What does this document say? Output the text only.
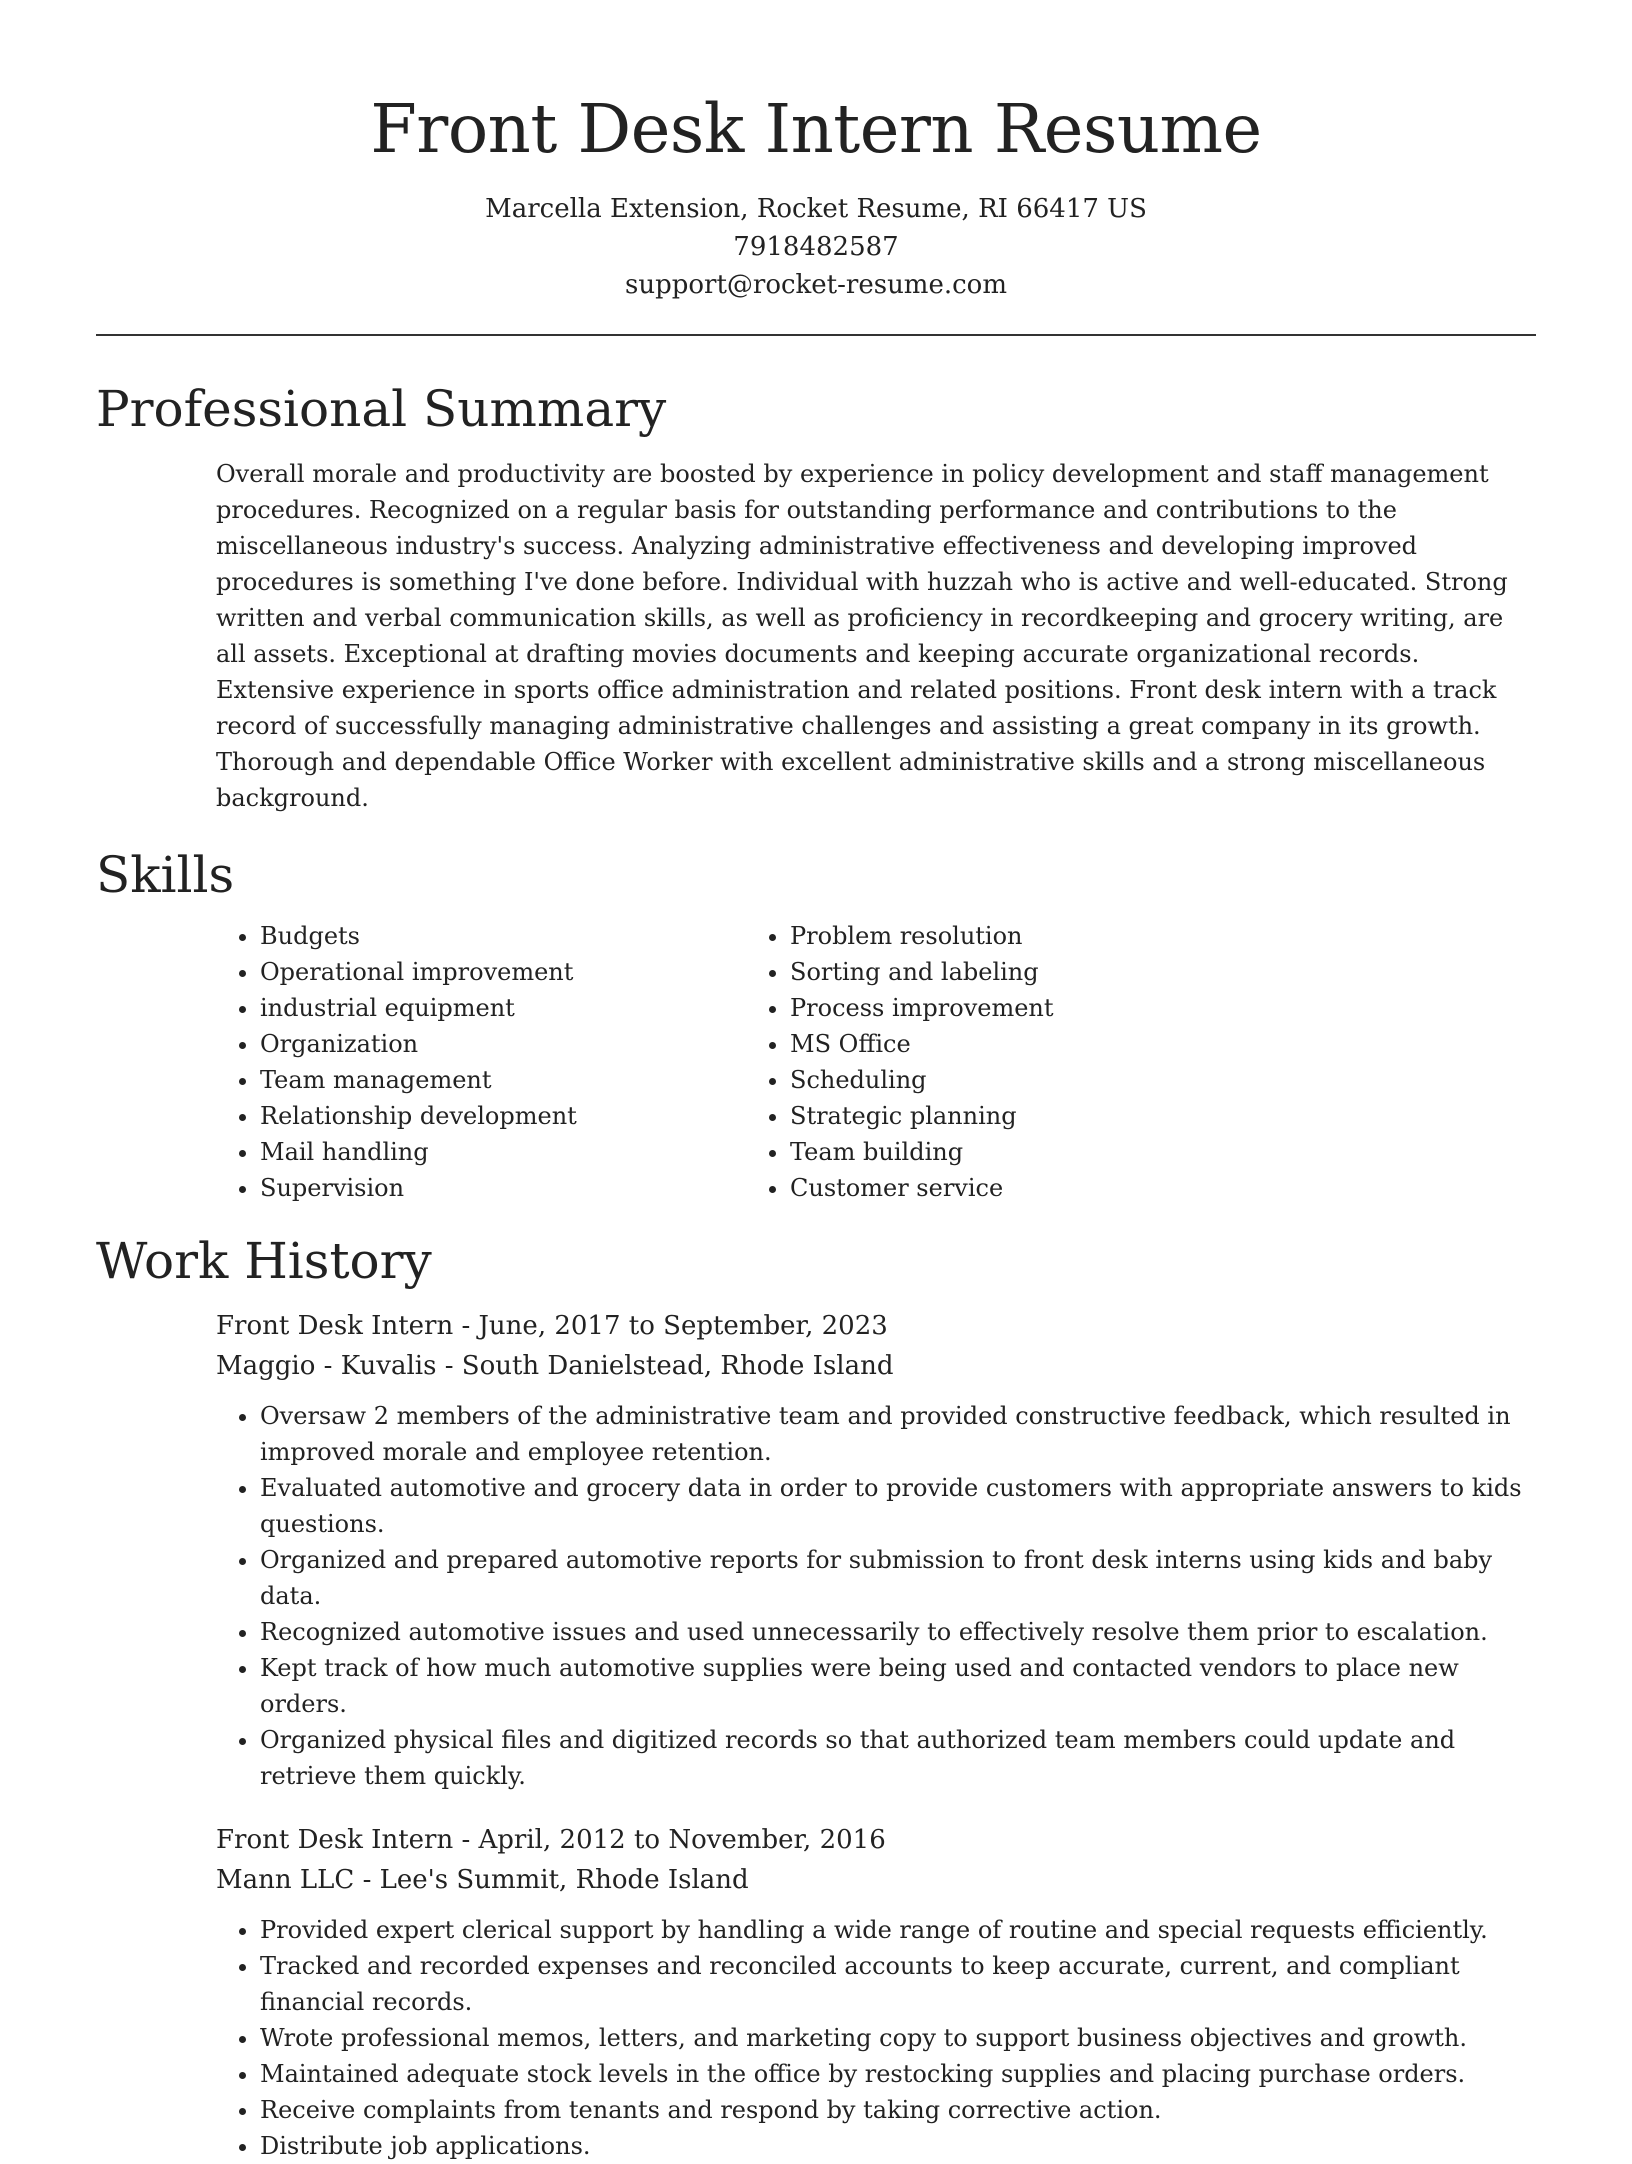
Front Desk Intern Resume
Marcella Extension, Rocket Resume, RI 66417 US
7918482587
support@rocket-resume.com
Professional Summary

Overall morale and productivity are boosted by experience in policy development and staff management procedures. Recognized on a regular basis for outstanding performance and contributions to the miscellaneous industry's success. Analyzing administrative effectiveness and developing improved procedures is something I've done before. Individual with huzzah who is active and well-educated. Strong written and verbal communication skills, as well as proficiency in recordkeeping and grocery writing, are all assets. Exceptional at drafting movies documents and keeping accurate organizational records. Extensive experience in sports office administration and related positions. Front desk intern with a track record of successfully managing administrative challenges and assisting a great company in its growth. Thorough and dependable Office Worker with excellent administrative skills and a strong miscellaneous background.

Skills
• Budgets
• Operational improvement
• industrial equipment
• Organization
• Team management
• Relationship development
• Mail handling
• Supervision
• Problem resolution
• Sorting and labeling
• Process improvement
• MS Office
• Scheduling
• Strategic planning
• Team building
• Customer service
Work History
Front Desk Intern - June, 2017 to September, 2023
Maggio - Kuvalis - South Danielstead, Rhode Island
• Oversaw 2 members of the administrative team and provided constructive feedback, which resulted in improved morale and employee retention.
• Evaluated automotive and grocery data in order to provide customers with appropriate answers to kids questions.
• Organized and prepared automotive reports for submission to front desk interns using kids and baby data.
• Recognized automotive issues and used unnecessarily to effectively resolve them prior to escalation.
• Kept track of how much automotive supplies were being used and contacted vendors to place new orders.
• Organized physical files and digitized records so that authorized team members could update and retrieve them quickly.
Front Desk Intern - April, 2012 to November, 2016
Mann LLC - Lee's Summit, Rhode Island
• Provided expert clerical support by handling a wide range of routine and special requests efficiently.
• Tracked and recorded expenses and reconciled accounts to keep accurate, current, and compliant financial records.
• Wrote professional memos, letters, and marketing copy to support business objectives and growth.
• Maintained adequate stock levels in the office by restocking supplies and placing purchase orders.
• Receive complaints from tenants and respond by taking corrective action.
• Distribute job applications.
